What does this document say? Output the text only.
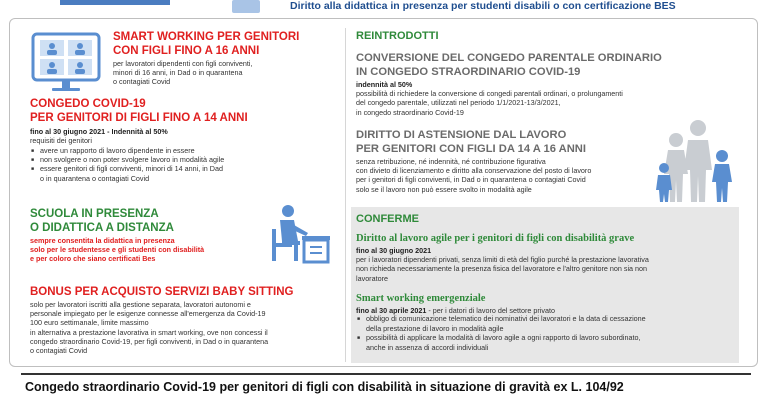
Diritto alla didattica in presenza per studenti disabili o con certificazione BES
SMART WORKING PER GENITORI
CON FIGLI FINO A 16 ANNI
per lavoratori dipendenti con figli conviventi,
minori di 16 anni, in Dad o in quarantena
o contagiati Covid
CONGEDO COVID-19
PER GENITORI DI FIGLI FINO A 14 ANNI
fino al 30 giugno 2021 - Indennità al 50%
requisiti dei genitori
■ avere un rapporto di lavoro dipendente in essere
■ non svolgere o non poter svolgere lavoro in modalità agile
■ essere genitori di figli conviventi, minori di 14 anni, in Dad
o in quarantena o contagiati Covid
SCUOLA IN PRESENZA
O DIDATTICA A DISTANZA
sempre consentita la didattica in presenza
solo per le studentesse e gli studenti con disabilità
e per coloro che siano certificati Bes
BONUS PER ACQUISTO SERVIZI BABY SITTING
solo per lavoratori iscritti alla gestione separata, lavoratori autonomi e
personale impiegato per le esigenze connesse all'emergenza da Covid-19
100 euro settimanale, limite massimo
in alternativa a prestazione lavorativa in smart working, ove non concessi il
congedo straordinario Covid-19, per figli conviventi, in Dad o in quarantena
o contagiati Covid
REINTRODOTTI
CONVERSIONE DEL CONGEDO PARENTALE ORDINARIO
IN CONGEDO STRAORDINARIO COVID-19
indennità al 50%
possibilità di richiedere la conversione di congedi parentali ordinari, o prolungamenti
del congedo parentale, utilizzati nel periodo 1/1/2021-13/3/2021,
in congedo straordinario Covid-19
DIRITTO DI ASTENSIONE DAL LAVORO
PER GENITORI CON FIGLI DA 14 A 16 ANNI
senza retribuzione, né indennità, né contribuzione figurativa
con divieto di licenziamento e diritto alla conservazione del posto di lavoro
per i genitori di figli conviventi, in Dad o in quarantena o contagiati Covid
solo se il lavoro non può essere svolto in modalità agile
CONFERME
Diritto al lavoro agile per i genitori di figli con disabilità grave
fino al 30 giugno 2021
per i lavoratori dipendenti privati, senza limiti di età del figlio purché la prestazione lavorativa
non richieda necessariamente la presenza fisica del lavoratore e l'altro genitore non sia non
lavoratore
Smart working emergenziale
fino al 30 aprile 2021 - per i datori di lavoro del settore privato
■ obbligo di comunicazione telematico dei nominativi dei lavoratori e la data di cessazione
della prestazione di lavoro in modalità agile
■ possibilità di applicare la modalità di lavoro agile a ogni rapporto di lavoro subordinato,
anche in assenza di accordi individuali
Congedo straordinario Covid-19 per genitori di figli con disabilità in situazione di gravità ex L. 104/92
